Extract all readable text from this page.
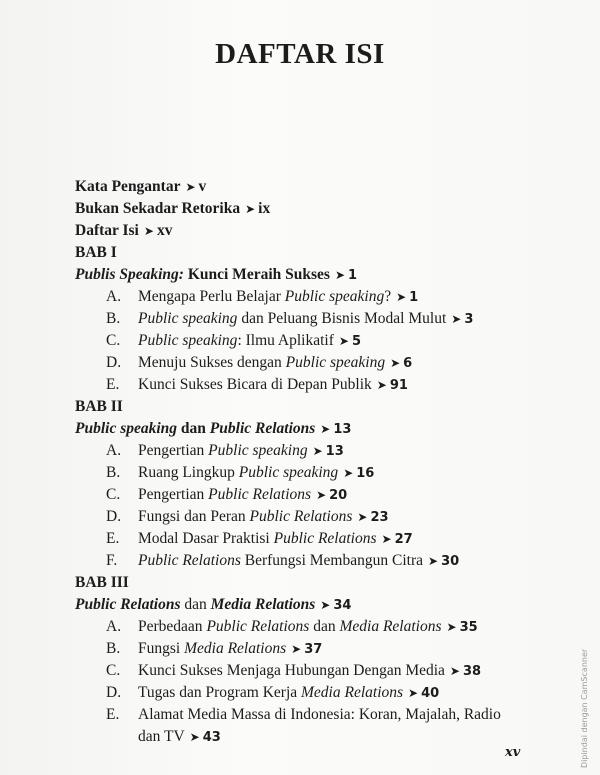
DAFTAR ISI
Kata Pengantar ➤ v
Bukan Sekadar Retorika ➤ ix
Daftar Isi ➤ xv
BAB I
Publis Speaking: Kunci Meraih Sukses ➤ 1
A.	Mengapa Perlu Belajar Public speaking? ➤ 1
B.	Public speaking dan Peluang Bisnis Modal Mulut ➤ 3
C.	Public speaking: Ilmu Aplikatif ➤ 5
D.	Menuju Sukses dengan Public speaking ➤ 6
E.	Kunci Sukses Bicara di Depan Publik ➤ 91
BAB II
Public speaking dan Public Relations ➤ 13
A.	Pengertian Public speaking ➤ 13
B.	Ruang Lingkup Public speaking ➤ 16
C.	Pengertian Public Relations ➤ 20
D.	Fungsi dan Peran Public Relations ➤ 23
E.	Modal Dasar Praktisi Public Relations ➤ 27
F.	Public Relations Berfungsi Membangun Citra ➤ 30
BAB III
Public Relations dan Media Relations ➤ 34
A.	Perbedaan Public Relations dan Media Relations ➤ 35
B.	Fungsi Media Relations ➤ 37
C.	Kunci Sukses Menjaga Hubungan Dengan Media ➤ 38
D.	Tugas dan Program Kerja Media Relations ➤ 40
E.	Alamat Media Massa di Indonesia: Koran, Majalah, Radio
dan TV ➤ 43
xv	Dipindai dengan CamScanner
